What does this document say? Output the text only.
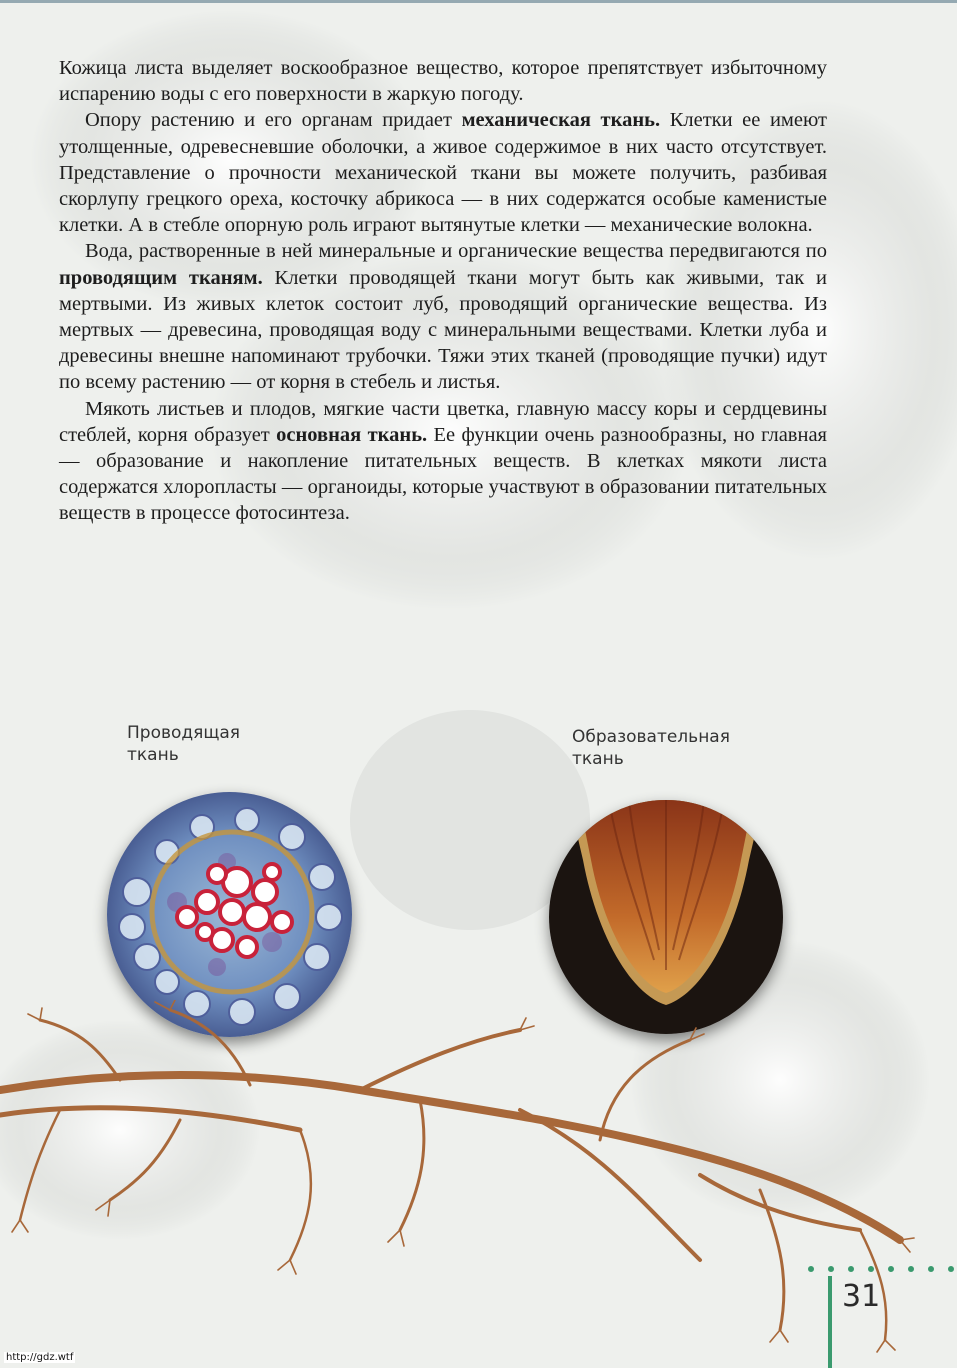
Кожица листа выделяет воскообразное вещество, которое препятствует избыточному испарению воды с его поверхности в жаркую погоду.

Опору растению и его органам придает механическая ткань. Клетки ее имеют утолщенные, одревесневшие оболочки, а живое содержимое в них часто отсутствует. Представление о прочности механической ткани вы можете получить, разбивая скорлупу грецкого ореха, косточку абрикоса — в них содержатся особые каменистые клетки. А в стебле опорную роль играют вытянутые клетки — механические волокна.

Вода, растворенные в ней минеральные и органические вещества передвигаются по проводящим тканям. Клетки проводящей ткани могут быть как живыми, так и мертвыми. Из живых клеток состоит луб, проводящий органические вещества. Из мертвых — древесина, проводящая воду с минеральными веществами. Клетки луба и древесины внешне напоминают трубочки. Тяжи этих тканей (проводящие пучки) идут по всему растению — от корня в стебель и листья.

Мякоть листьев и плодов, мягкие части цветка, главную массу коры и сердцевины стеблей, корня образует основная ткань. Ее функции очень разнообразны, но главная — образование и накопление питательных веществ. В клетках мякоти листа содержатся хлоропласты — органоиды, которые участвуют в образовании питательных веществ в процессе фотосинтеза.

Проводящая
ткань
Образовательная
ткань
31
http://gdz.wtf
